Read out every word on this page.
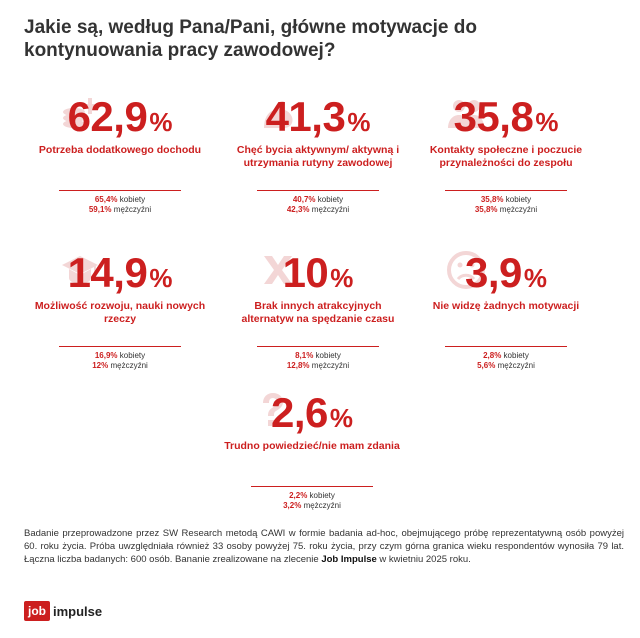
Jakie są, według Pana/Pani, główne motywacje do kontynuowania pracy zawodowej?
62,9%
Potrzeba dodatkowego dochodu
65,4% kobiety
59,1% mężczyźni
41,3%
Chęć bycia aktywnym/ aktywną i utrzymania rutyny zawodowej
40,7% kobiety
42,3% mężczyźni
35,8%
Kontakty społeczne i poczucie przynależności do zespołu
35,8% kobiety
35,8% mężczyźni
14,9%
Możliwość rozwoju, nauki nowych rzeczy
16,9% kobiety
12% mężczyźni
10%
Brak innych atrakcyjnych alternatyw na spędzanie czasu
8,1% kobiety
12,8% mężczyźni
3,9%
Nie widzę żadnych motywacji
2,8% kobiety
5,6% mężczyźni
2,6%
Trudno powiedzieć/nie mam zdania
2,2% kobiety
3,2% mężczyźni

Badanie przeprowadzone przez SW Research metodą CAWI w formie badania ad-hoc, obejmującego próbę reprezentatywną osób powyżej 60. roku życia. Próba uwzględniała również 33 osoby powyżej 75. roku życia, przy czym górna granica wieku respondentów wynosiła 79 lat. Łączna liczba badanych: 600 osób. Bananie zrealizowane na zlecenie Job Impulse w kwietniu 2025 roku.

job impulse
